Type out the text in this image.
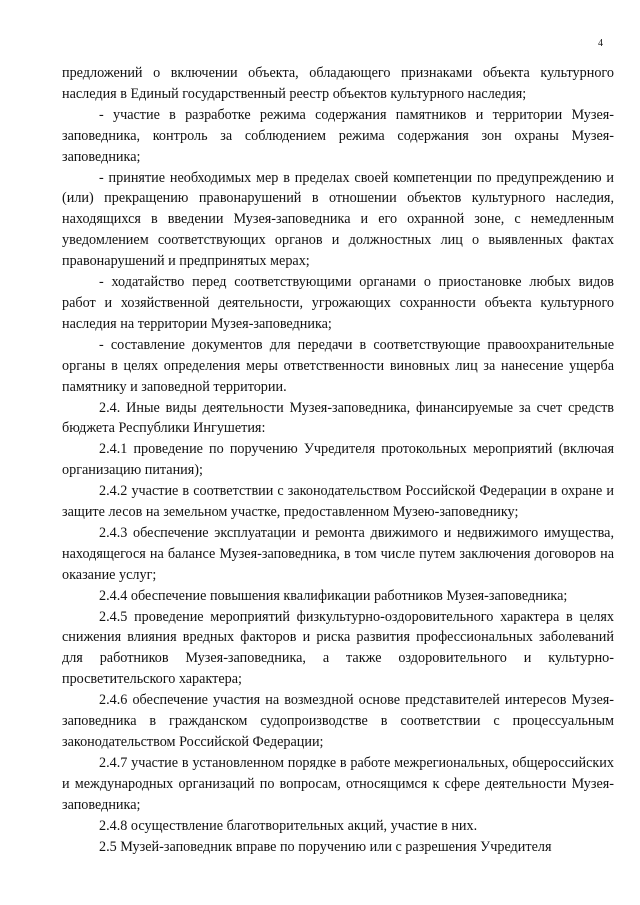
4

предложений о включении объекта, обладающего признаками объекта культурного наследия в Единый государственный реестр объектов культурного наследия;

- участие в разработке режима содержания памятников и территории Музея-заповедника, контроль за соблюдением режима содержания зон охраны Музея-заповедника;

- принятие необходимых мер в пределах своей компетенции по предупреждению и (или) прекращению правонарушений в отношении объектов культурного наследия, находящихся в введении Музея-заповедника и его охранной зоне, с немедленным уведомлением соответствующих органов и должностных лиц о выявленных фактах правонарушений и предпринятых мерах;

- ходатайство перед соответствующими органами о приостановке любых видов работ и хозяйственной деятельности, угрожающих сохранности объекта культурного наследия на территории Музея-заповедника;

- составление документов для передачи в соответствующие правоохранительные органы в целях определения меры ответственности виновных лиц за нанесение ущерба памятнику и заповедной территории.

2.4. Иные виды деятельности Музея-заповедника, финансируемые за счет средств бюджета Республики Ингушетия:

2.4.1 проведение по поручению Учредителя протокольных мероприятий (включая организацию питания);

2.4.2 участие в соответствии с законодательством Российской Федерации в охране и защите лесов на земельном участке, предоставленном Музею-заповеднику;

2.4.3 обеспечение эксплуатации и ремонта движимого и недвижимого имущества, находящегося на балансе Музея-заповедника, в том числе путем заключения договоров на оказание услуг;

2.4.4 обеспечение повышения квалификации работников Музея-заповедника;

2.4.5 проведение мероприятий физкультурно-оздоровительного характера в целях снижения влияния вредных факторов и риска развития профессиональных заболеваний для работников Музея-заповедника, а также оздоровительного и культурно-просветительского характера;

2.4.6 обеспечение участия на возмездной основе представителей интересов Музея-заповедника в гражданском судопроизводстве в соответствии с процессуальным законодательством Российской Федерации;

2.4.7 участие в установленном порядке в работе межрегиональных, общероссийских и международных организаций по вопросам, относящимся к сфере деятельности Музея-заповедника;

2.4.8 осуществление благотворительных акций, участие в них.

2.5 Музей-заповедник вправе по поручению или с разрешения Учредителя
